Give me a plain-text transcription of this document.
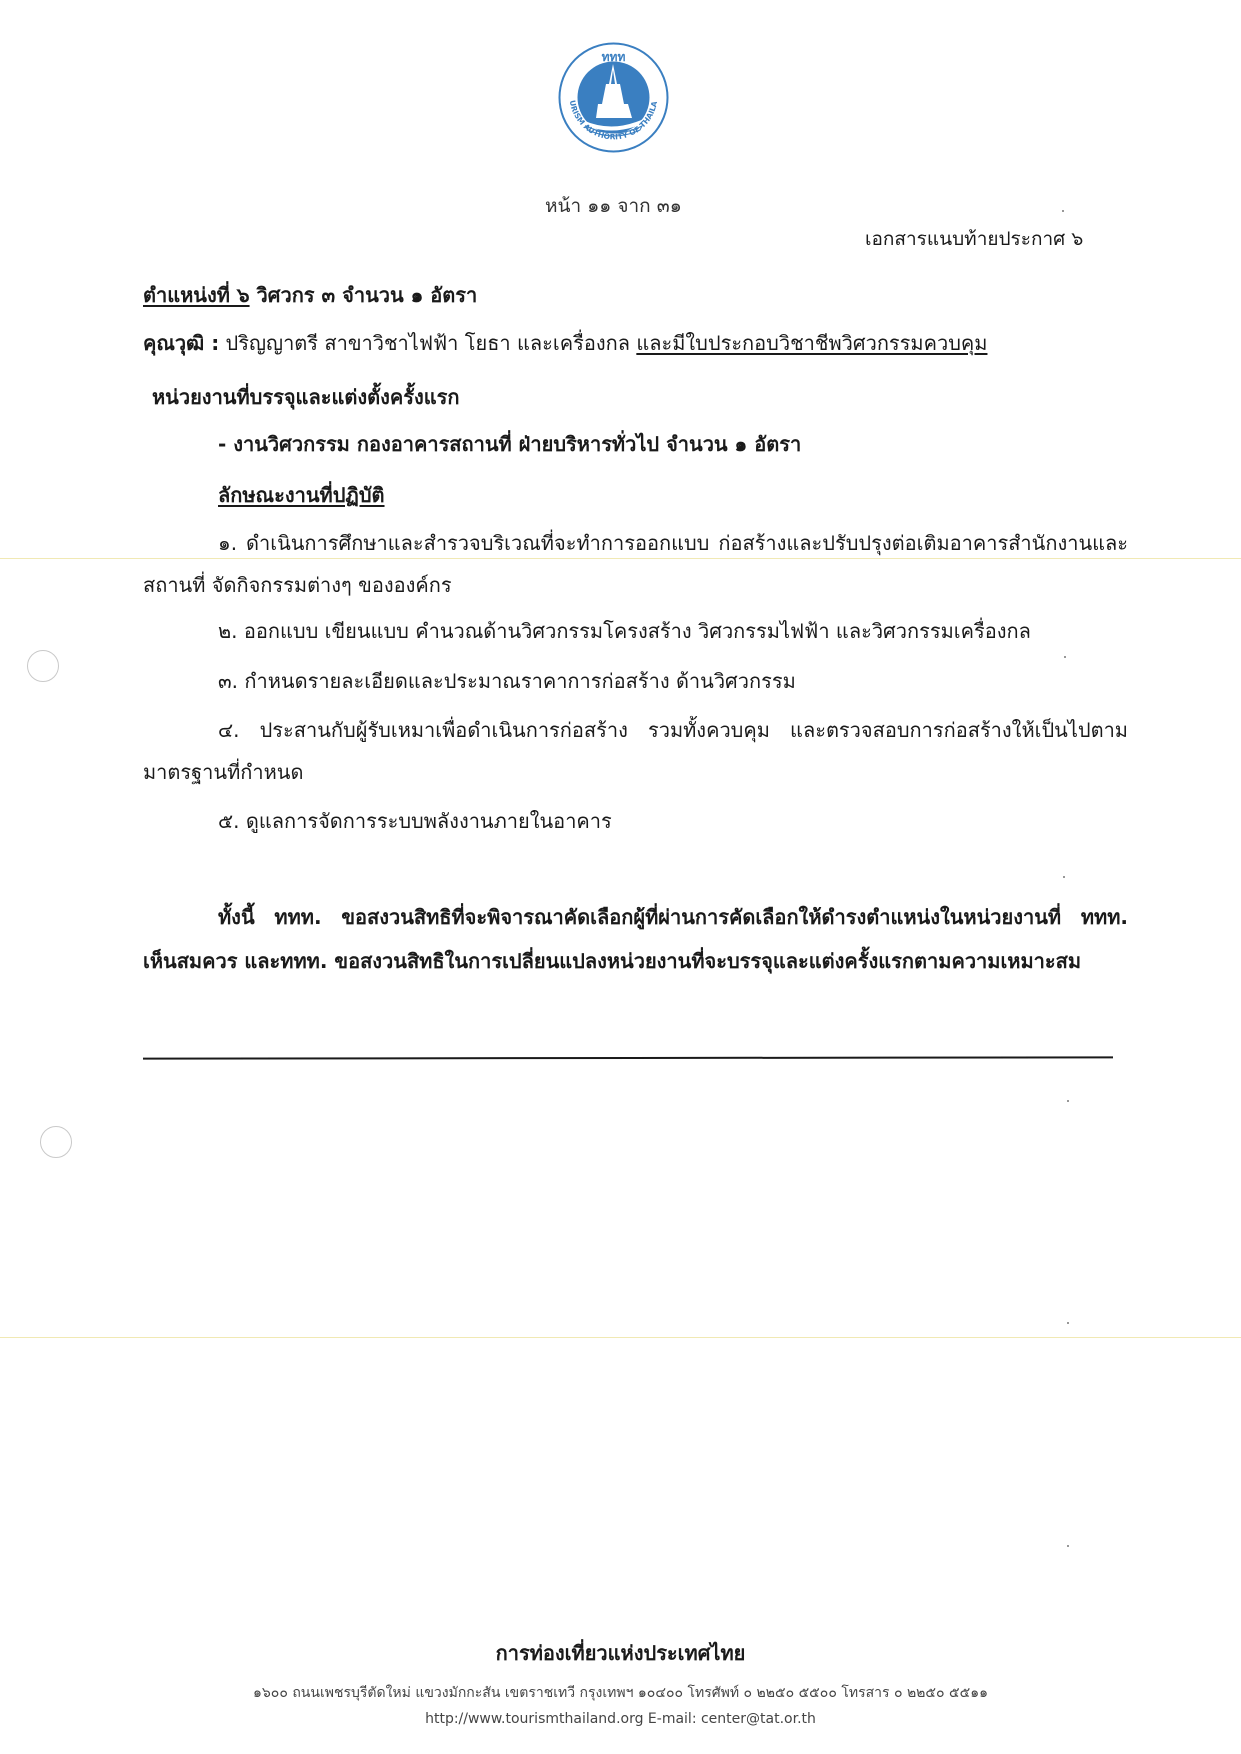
ททท
URISM AUTHORITY OF THAILA
หน้า ๑๑ จาก ๓๑
เอกสารแนบท้ายประกาศ ๖
ตำแหน่งที่ ๖ วิศวกร ๓ จำนวน ๑ อัตรา
คุณวุฒิ : ปริญญาตรี สาขาวิชาไฟฟ้า โยธา และเครื่องกล และมีใบประกอบวิชาชีพวิศวกรรมควบคุม
หน่วยงานที่บรรจุและแต่งตั้งครั้งแรก
- งานวิศวกรรม กองอาคารสถานที่ ฝ่ายบริหารทั่วไป จำนวน ๑ อัตรา
ลักษณะงานที่ปฏิบัติ
๑. ดำเนินการศึกษาและสำรวจบริเวณที่จะทำการออกแบบ ก่อสร้างและปรับปรุงต่อเติมอาคารสำนักงานและสถานที่ จัดกิจกรรมต่างๆ ขององค์กร
๒. ออกแบบ เขียนแบบ คำนวณด้านวิศวกรรมโครงสร้าง วิศวกรรมไฟฟ้า และวิศวกรรมเครื่องกล
๓. กำหนดรายละเอียดและประมาณราคาการก่อสร้าง ด้านวิศวกรรม
๔. ประสานกับผู้รับเหมาเพื่อดำเนินการก่อสร้าง รวมทั้งควบคุม และตรวจสอบการก่อสร้างให้เป็นไปตามมาตรฐานที่กำหนด
๕. ดูแลการจัดการระบบพลังงานภายในอาคาร
ทั้งนี้ ททท. ขอสงวนสิทธิที่จะพิจารณาคัดเลือกผู้ที่ผ่านการคัดเลือกให้ดำรงตำแหน่งในหน่วยงานที่ ททท. เห็นสมควร และททท. ขอสงวนสิทธิในการเปลี่ยนแปลงหน่วยงานที่จะบรรจุและแต่งครั้งแรกตามความเหมาะสม
การท่องเที่ยวแห่งประเทศไทย
๑๖๐๐ ถนนเพชรบุรีตัดใหม่ แขวงมักกะสัน เขตราชเทวี กรุงเทพฯ ๑๐๔๐๐ โทรศัพท์ ๐ ๒๒๕๐ ๕๕๐๐ โทรสาร ๐ ๒๒๕๐ ๕๕๑๑
http://www.tourismthailand.org E-mail: center@tat.or.th
